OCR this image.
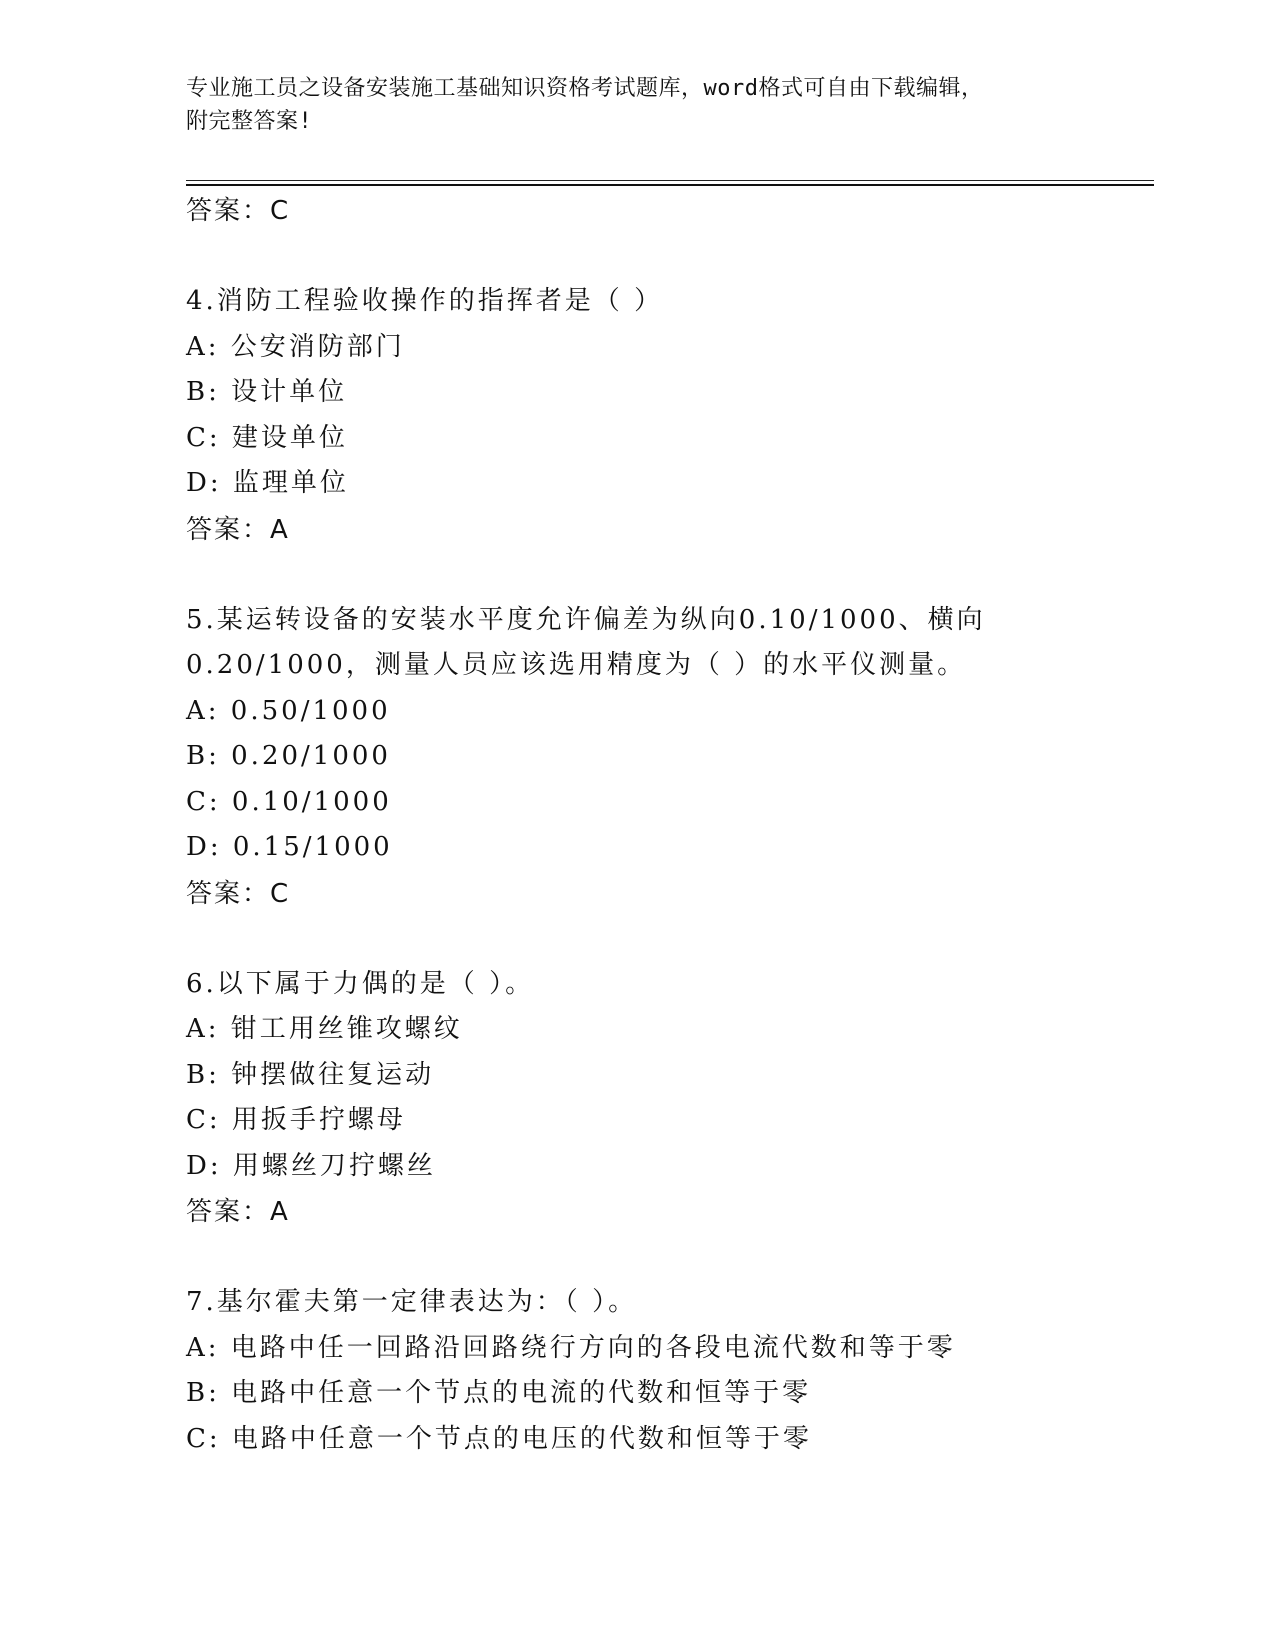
专业施工员之设备安装施工基础知识资格考试题库，word格式可自由下载编辑，
附完整答案!
答案：C
4.消防工程验收操作的指挥者是（ ）
A: 公安消防部门
B: 设计单位
C: 建设单位
D: 监理单位
答案：A
5.某运转设备的安装水平度允许偏差为纵向0.10/1000、横向
0.20/1000，测量人员应该选用精度为（ ）的水平仪测量。
A: 0.50/1000
B: 0.20/1000
C: 0.10/1000
D: 0.15/1000
答案：C
6.以下属于力偶的是（ ）。
A: 钳工用丝锥攻螺纹
B: 钟摆做往复运动
C: 用扳手拧螺母
D: 用螺丝刀拧螺丝
答案：A
7.基尔霍夫第一定律表达为：（ ）。
A: 电路中任一回路沿回路绕行方向的各段电流代数和等于零
B: 电路中任意一个节点的电流的代数和恒等于零
C: 电路中任意一个节点的电压的代数和恒等于零
